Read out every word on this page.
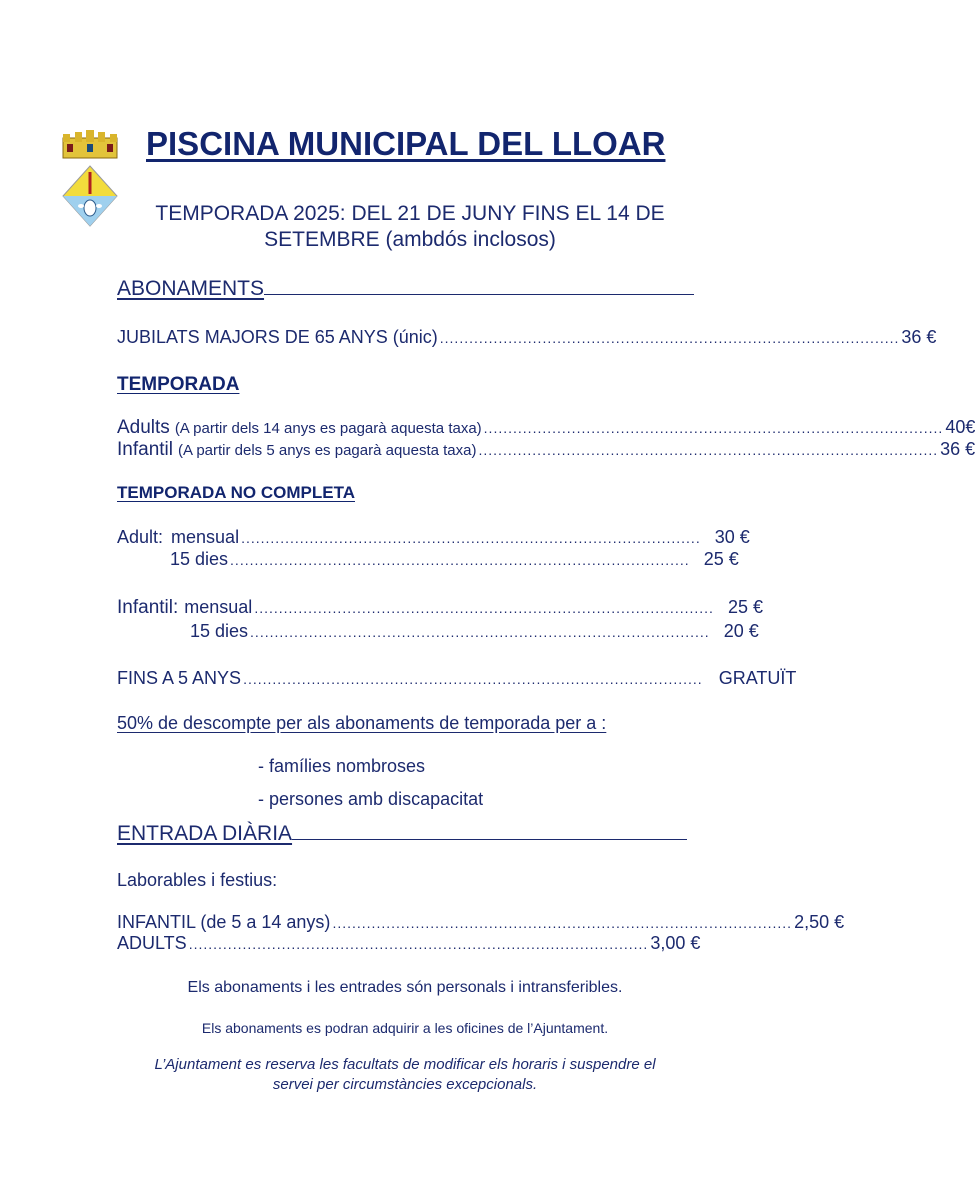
PISCINA MUNICIPAL DEL LLOAR
TEMPORADA 2025: DEL 21 DE JUNY FINS EL 14 DE
SETEMBRE (ambdós inclosos)
ABONAMENTS
JUBILATS MAJORS DE 65 ANYS (únic) .............................................................................................. 36 €
TEMPORADA
Adults (A partir dels 14 anys es pagarà aquesta taxa) .............................................................................................. 40€
Infantil (A partir dels 5 anys es pagarà aquesta taxa) .............................................................................................. 36 €
TEMPORADA NO COMPLETA
Adult: mensual .............................................................................................. 30 €
15 dies .............................................................................................. 25 €
Infantil: mensual .............................................................................................. 25 €
15 dies .............................................................................................. 20 €
FINS A 5 ANYS .............................................................................................. GRATUÏT
50% de descompte per als abonaments de temporada per a :
- famílies nombroses
- persones amb discapacitat
ENTRADA DIÀRIA
Laborables i festius:
INFANTIL (de 5 a 14 anys) .............................................................................................. 2,50 €
ADULTS .............................................................................................. 3,00 €
Els abonaments i les entrades són personals i intransferibles.
Els abonaments es podran adquirir a les oficines de l’Ajuntament.
L’Ajuntament es reserva les facultats de modificar els horaris i suspendre el
servei per circumstàncies excepcionals.
